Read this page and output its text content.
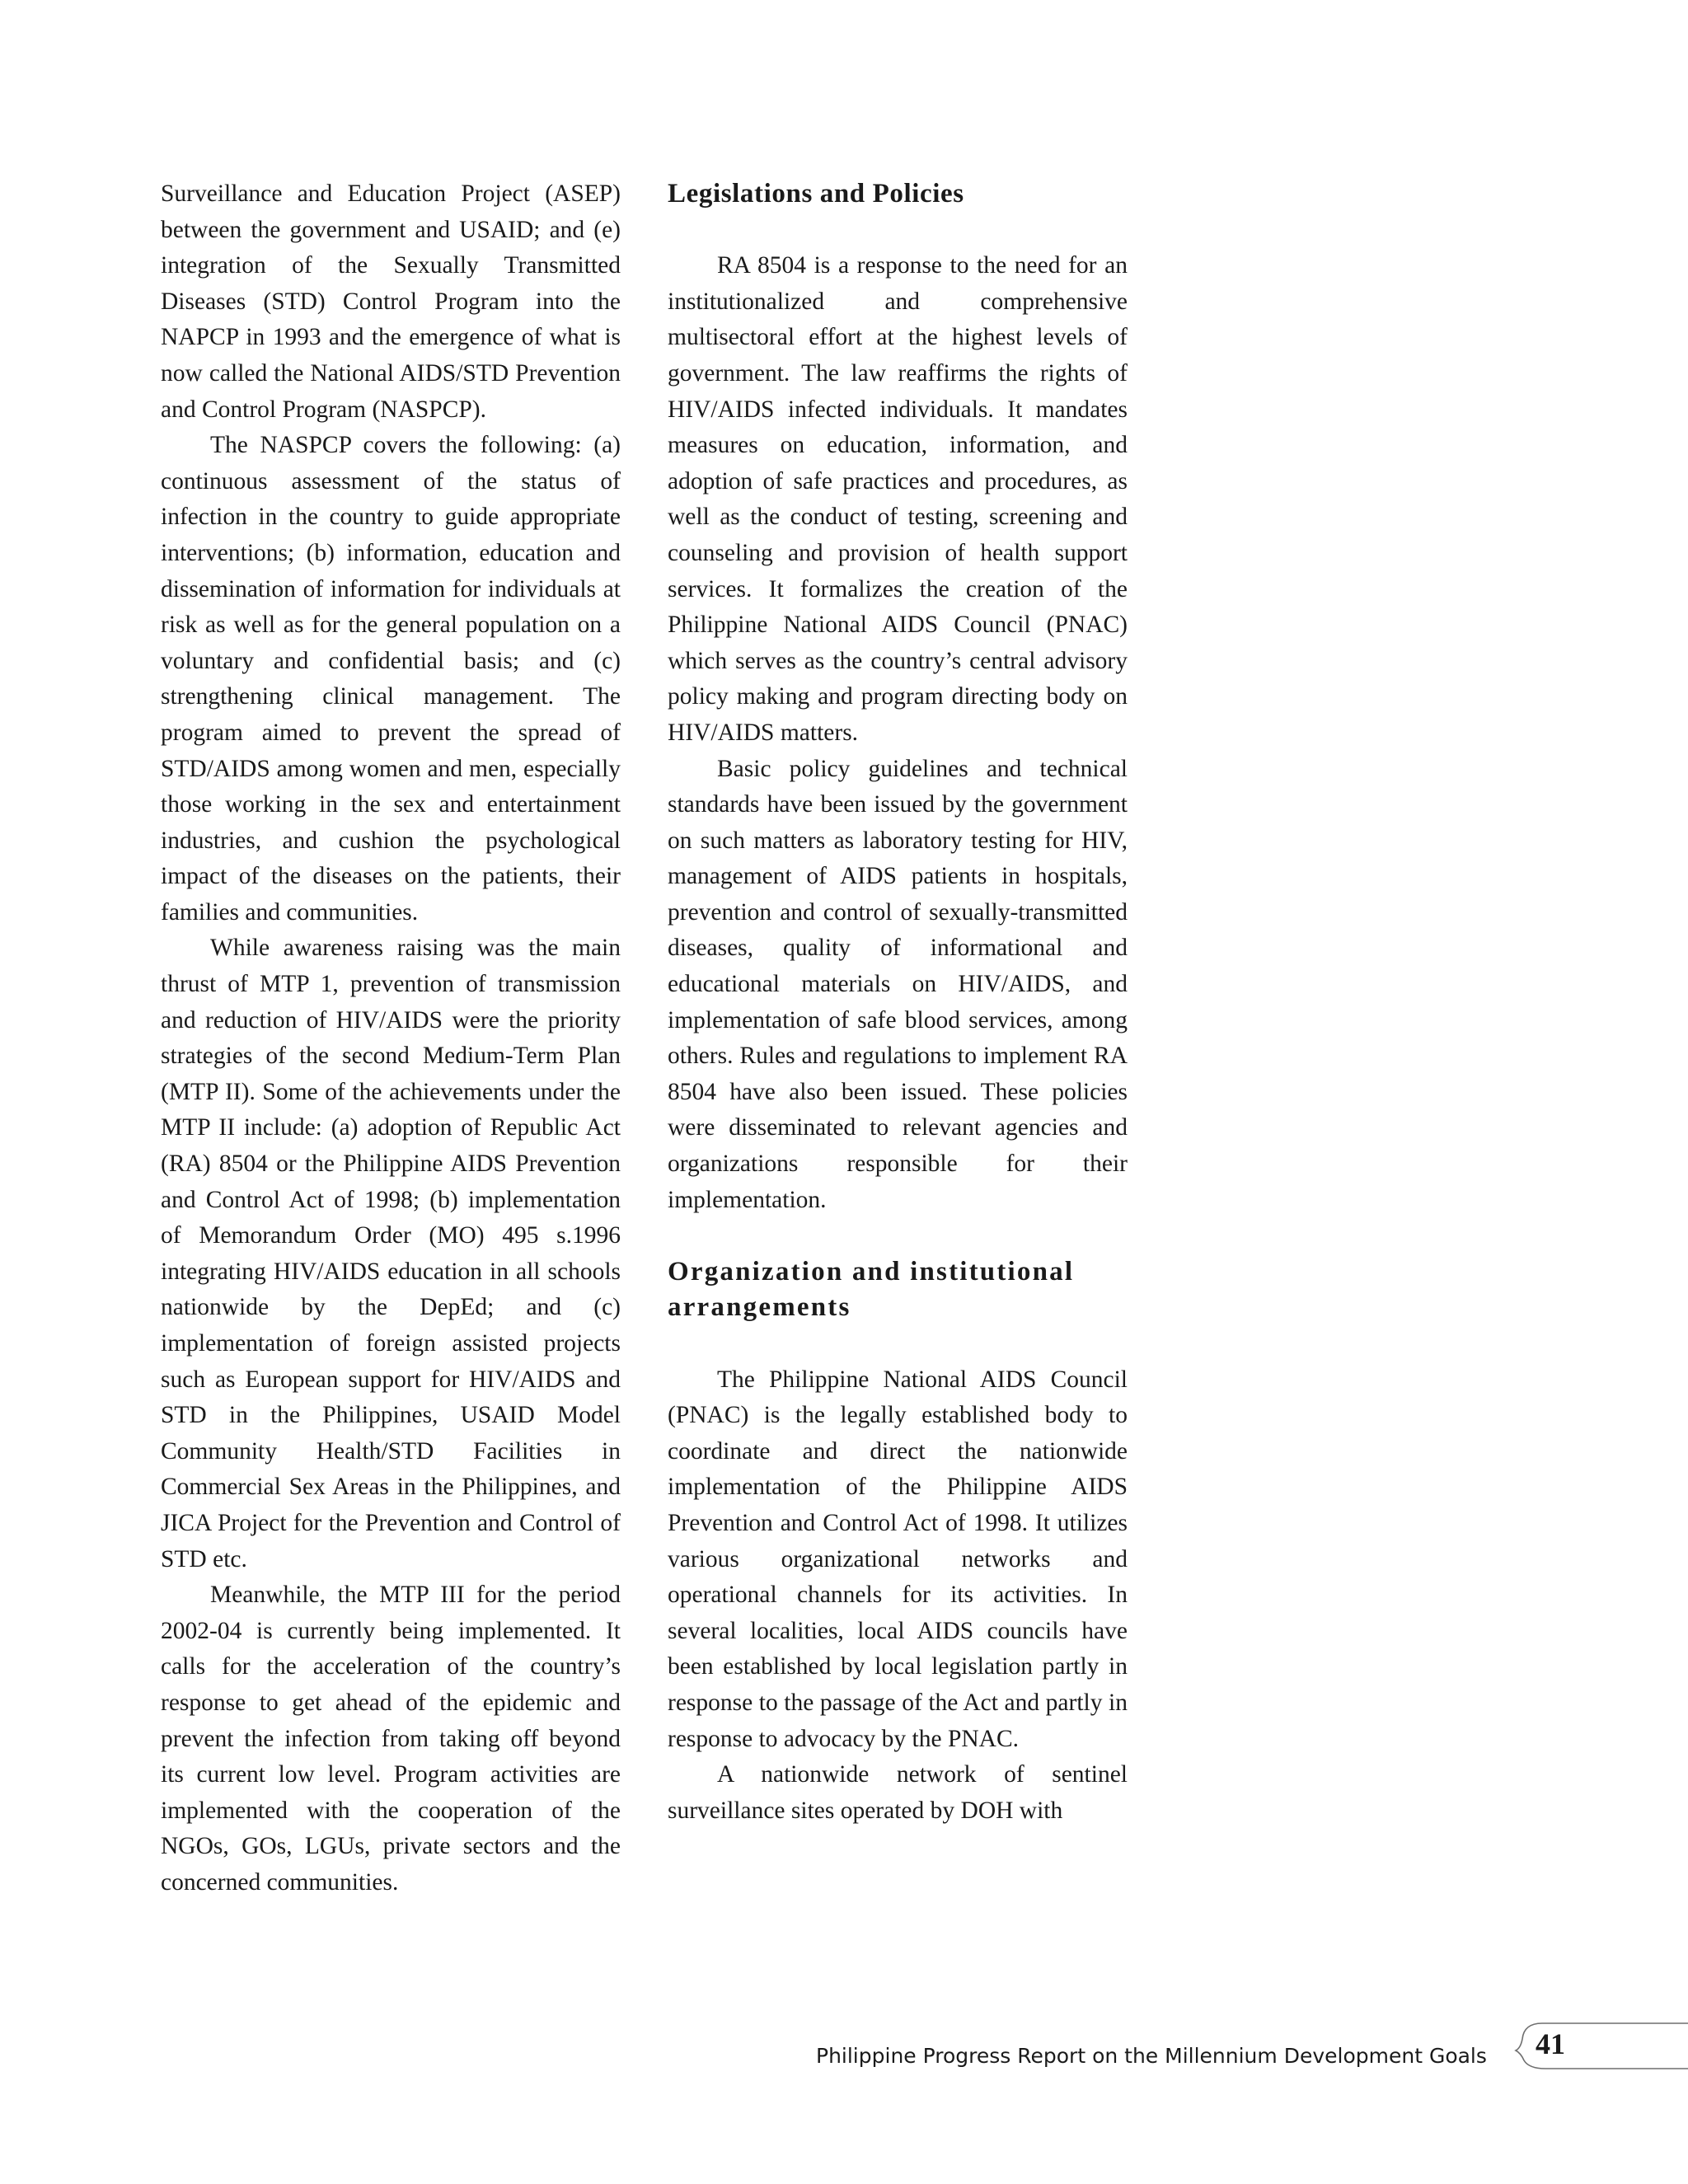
Surveillance and Education Project (ASEP) between the government and USAID; and (e) integration of the Sexually Transmitted Diseases (STD) Control Program into the NAPCP in 1993 and the emergence of what is now called the National AIDS/STD Prevention and Control Program (NASPCP).

The NASPCP covers the following: (a) continuous assessment of the status of infection in the country to guide appropriate interventions; (b) information, education and dissemination of information for individuals at risk as well as for the general population on a voluntary and confidential basis; and (c) strengthening clinical management. The program aimed to prevent the spread of STD/AIDS among women and men, especially those working in the sex and entertainment industries, and cushion the psychological impact of the diseases on the patients, their families and communities.

While awareness raising was the main thrust of MTP 1, prevention of transmission and reduction of HIV/AIDS were the priority strategies of the second Medium-Term Plan (MTP II). Some of the achievements under the MTP II include: (a) adoption of Republic Act (RA) 8504 or the Philippine AIDS Prevention and Control Act of 1998; (b) implementation of Memorandum Order (MO) 495 s.1996 integrating HIV/AIDS education in all schools nationwide by the DepEd; and (c) implementation of foreign assisted projects such as European support for HIV/AIDS and STD in the Philippines, USAID Model Community Health/STD Facilities in Commercial Sex Areas in the Philippines, and JICA Project for the Prevention and Control of STD etc.

Meanwhile, the MTP III for the period 2002-04 is currently being implemented. It calls for the acceleration of the country’s response to get ahead of the epidemic and prevent the infection from taking off beyond its current low level. Program activities are implemented with the cooperation of the NGOs, GOs, LGUs, private sectors and the concerned communities.

Legislations and Policies

RA 8504 is a response to the need for an institutionalized and comprehensive multisectoral effort at the highest levels of government. The law reaffirms the rights of HIV/AIDS infected individuals. It mandates measures on education, information, and adoption of safe practices and procedures, as well as the conduct of testing, screening and counseling and provision of health support services. It formalizes the creation of the Philippine National AIDS Council (PNAC) which serves as the country’s central advisory policy making and program directing body on HIV/AIDS matters.

Basic policy guidelines and technical standards have been issued by the government on such matters as laboratory testing for HIV, management of AIDS patients in hospitals, prevention and control of sexually-transmitted diseases, quality of informational and educational materials on HIV/AIDS, and implementation of safe blood services, among others. Rules and regulations to implement RA 8504 have also been issued. These policies were disseminated to relevant agencies and organizations responsible for their implementation.

Organization and institutional arrangements

The Philippine National AIDS Council (PNAC) is the legally established body to coordinate and direct the nationwide implementation of the Philippine AIDS Prevention and Control Act of 1998. It utilizes various organizational networks and operational channels for its activities. In several localities, local AIDS councils have been established by local legislation partly in response to the passage of the Act and partly in response to advocacy by the PNAC.

A nationwide network of sentinel surveillance sites operated by DOH with

Philippine Progress Report on the Millennium Development Goals 41
